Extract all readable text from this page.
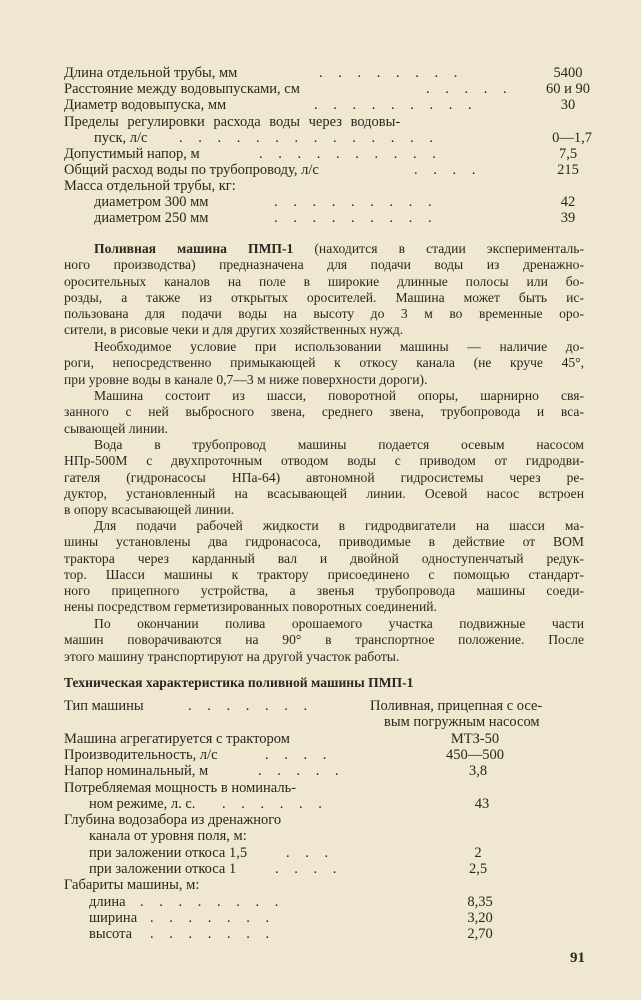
Длина отдельной трубы, мм	. . . . . . . .	5400
Расстояние между водовыпусками, см	. . . . .	60 и 90
Диаметр водовыпуска, мм	. . . . . . . . .	30
Пределы регулировки расхода воды через водовы-
пуск, л/с . . . . . . . . . . . . . .	0—1,7
Допустимый напор, м	. . . . . . . . . .	7,5
Общий расход воды по трубопроводу, л/с	. . . .	215
Масса отдельной трубы, кг:
диаметром 300 мм	. . . . . . . . .	42
диаметром 250 мм	. . . . . . . . .	39
Поливная машина ПМП-1 (находится в стадии эксперименталь-
ного производства) предназначена для подачи воды из дренажно-
оросительных каналов на поле в широкие длинные полосы или бо-
розды, а также из открытых оросителей. Машина может быть ис-
пользована для подачи воды на высоту до 3 м во временные оро-
сители, в рисовые чеки и для других хозяйственных нужд.
Необходимое условие при использовании машины — наличие до-
роги, непосредственно примыкающей к откосу канала (не круче 45°,
при уровне воды в канале 0,7—3 м ниже поверхности дороги).
Машина состоит из шасси, поворотной опоры, шарнирно свя-
занного с ней выбросного звена, среднего звена, трубопровода и вса-
сывающей линии.
Вода в трубопровод машины подается осевым насосом
НПр-500М с двухпроточным отводом воды с приводом от гидродви-
гателя (гидронасосы НПа-64) автономной гидросистемы через ре-
дуктор, установленный на всасывающей линии. Осевой насос встроен
в опору всасывающей линии.
Для подачи рабочей жидкости в гидродвигатели на шасси ма-
шины установлены два гидронасоса, приводимые в действие от ВОМ
трактора через карданный вал и двойной одноступенчатый редук-
тор. Шасси машины к трактору присоединено с помощью стандарт-
ного прицепного устройства, а звенья трубопровода машины соеди-
нены посредством герметизированных поворотных соединений.
По окончании полива орошаемого участка подвижные части
машин поворачиваются на 90° в транспортное положение. После
этого машину транспортируют на другой участок работы.
Техническая характеристика поливной машины ПМП-1
Тип машины	. . . . . . .	Поливная, прицепная с осе-
вым погружным насосом
Машина агрегатируется с трактором	МТЗ-50
Производительность, л/с	. . . .	450—500
Напор номинальный, м	. . . . .	3,8
Потребляемая мощность в номиналь-
ном режиме, л. с. . . . . . .	43
Глубина водозабора из дренажного
канала от уровня поля, м:
при заложении откоса 1,5	. . .	2
при заложении откоса 1	. . . .	2,5
Габариты машины, м:
длина . . . . . . . .	8,35
ширина . . . . . . .	3,20
высота . . . . . . .	2,70
91
